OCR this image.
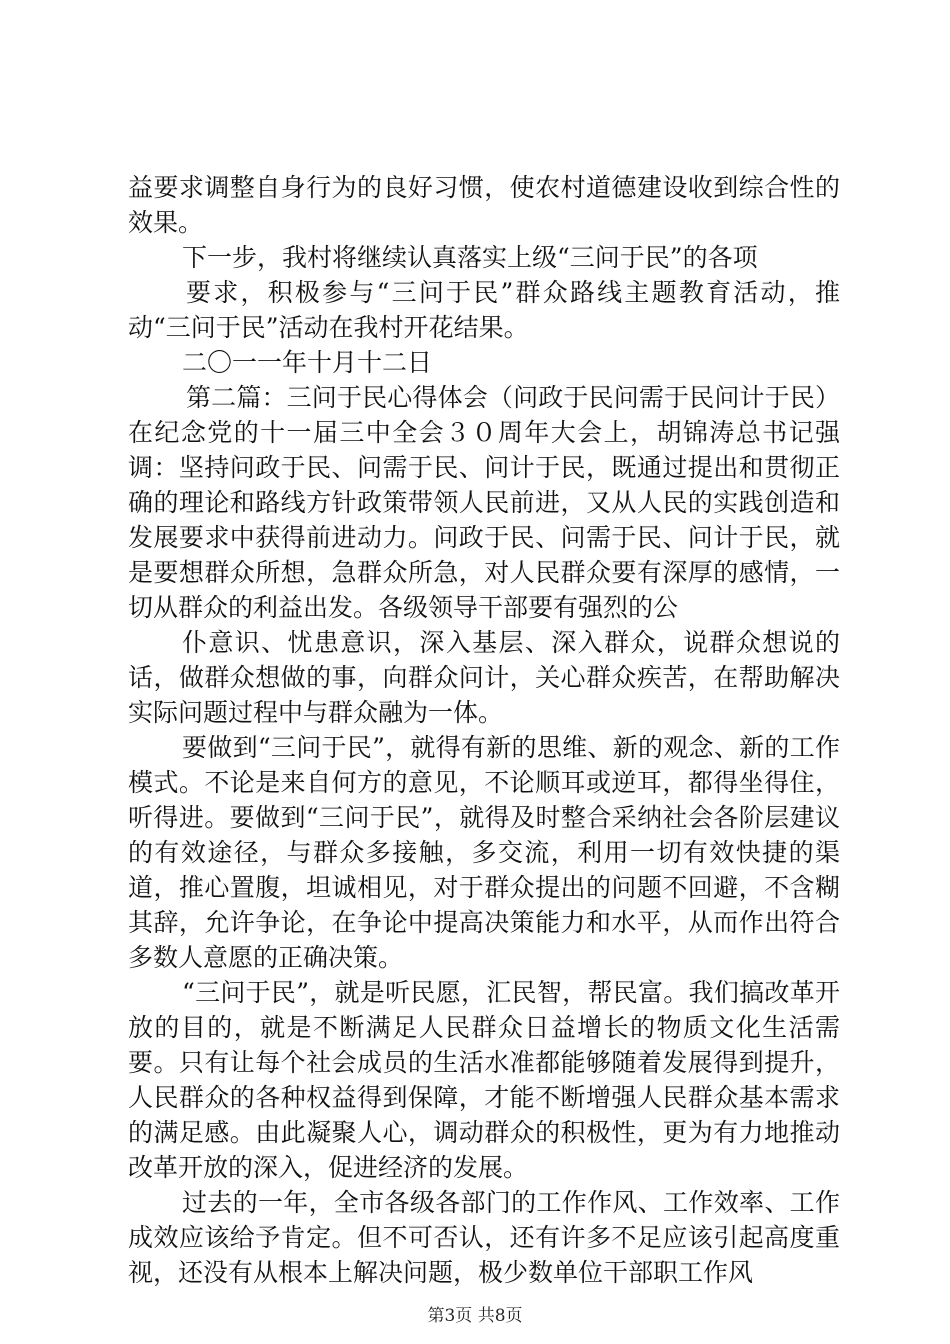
益要求调整自身行为的良好习惯，使农村道德建设收到综合性的效果。

下一步，我村将继续认真落实上级“三问于民”的各项

要求，积极参与“三问于民”群众路线主题教育活动，推动“三问于民”活动在我村开花结果。

二〇一一年十月十二日

第二篇：三问于民心得体会（问政于民问需于民问计于民）在纪念党的十一届三中全会３０周年大会上，胡锦涛总书记强调：坚持问政于民、问需于民、问计于民，既通过提出和贯彻正确的理论和路线方针政策带领人民前进，又从人民的实践创造和发展要求中获得前进动力。问政于民、问需于民、问计于民，就是要想群众所想，急群众所急，对人民群众要有深厚的感情，一切从群众的利益出发。各级领导干部要有强烈的公

仆意识、忧患意识，深入基层、深入群众，说群众想说的话，做群众想做的事，向群众问计，关心群众疾苦，在帮助解决实际问题过程中与群众融为一体。

要做到“三问于民”，就得有新的思维、新的观念、新的工作模式。不论是来自何方的意见，不论顺耳或逆耳，都得坐得住，听得进。要做到“三问于民”，就得及时整合采纳社会各阶层建议的有效途径，与群众多接触，多交流，利用一切有效快捷的渠道，推心置腹，坦诚相见，对于群众提出的问题不回避，不含糊其辞，允许争论，在争论中提高决策能力和水平，从而作出符合多数人意愿的正确决策。

“三问于民”，就是听民愿，汇民智，帮民富。我们搞改革开放的目的，就是不断满足人民群众日益增长的物质文化生活需要。只有让每个社会成员的生活水准都能够随着发展得到提升，人民群众的各种权益得到保障，才能不断增强人民群众基本需求的满足感。由此凝聚人心，调动群众的积极性，更为有力地推动改革开放的深入，促进经济的发展。

过去的一年，全市各级各部门的工作作风、工作效率、工作成效应该给予肯定。但不可否认，还有许多不足应该引起高度重视，还没有从根本上解决问题，极少数单位干部职工作风

第3页 共8页
